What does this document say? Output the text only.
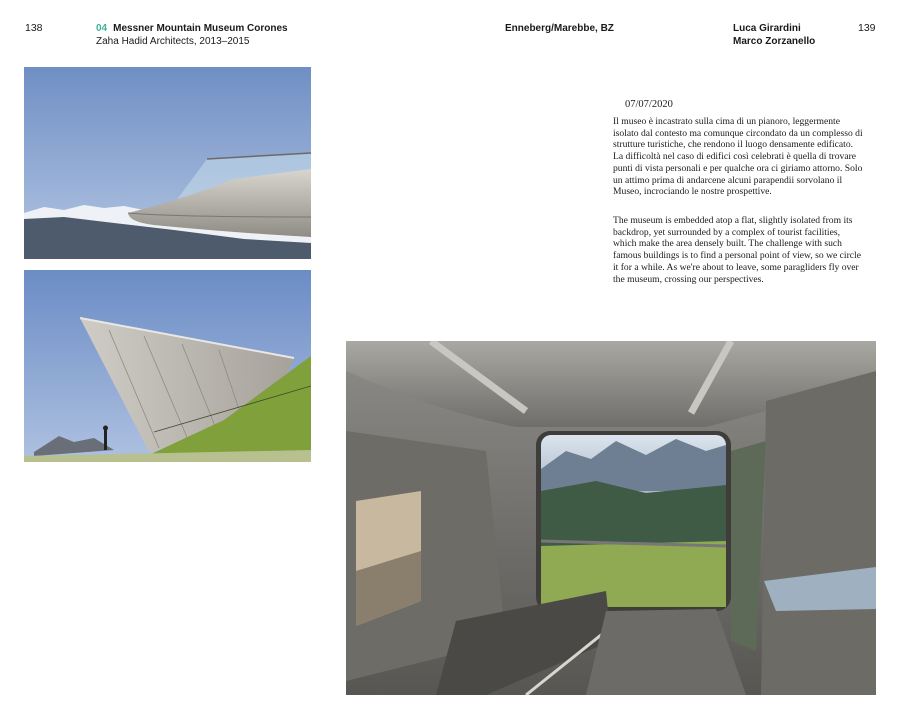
138	04 Messner Mountain Museum Corones
Zaha Hadid Architects, 2013–2015
Enneberg/Marebbe, BZ	Luca Girardini
Marco Zorzanello
139
07/07/2020

Il museo è incastrato sulla cima di un pianoro, leggermente isolato dal contesto ma comunque circondato da un complesso di strutture turistiche, che rendono il luogo densamente edificato. La difficoltà nel caso di edifici così celebrati è quella di trovare punti di vista personali e per qualche ora ci giriamo attorno. Solo un attimo prima di andarcene alcuni parapendii sorvolano il Museo, incrociando le nostre prospettive.

The museum is embedded atop a flat, slightly isolated from its backdrop, yet surrounded by a complex of tourist facilities, which make the area densely built. The challenge with such famous buildings is to find a personal point of view, so we circle it for a while. As we're about to leave, some paragliders fly over the museum, crossing our perspectives.
